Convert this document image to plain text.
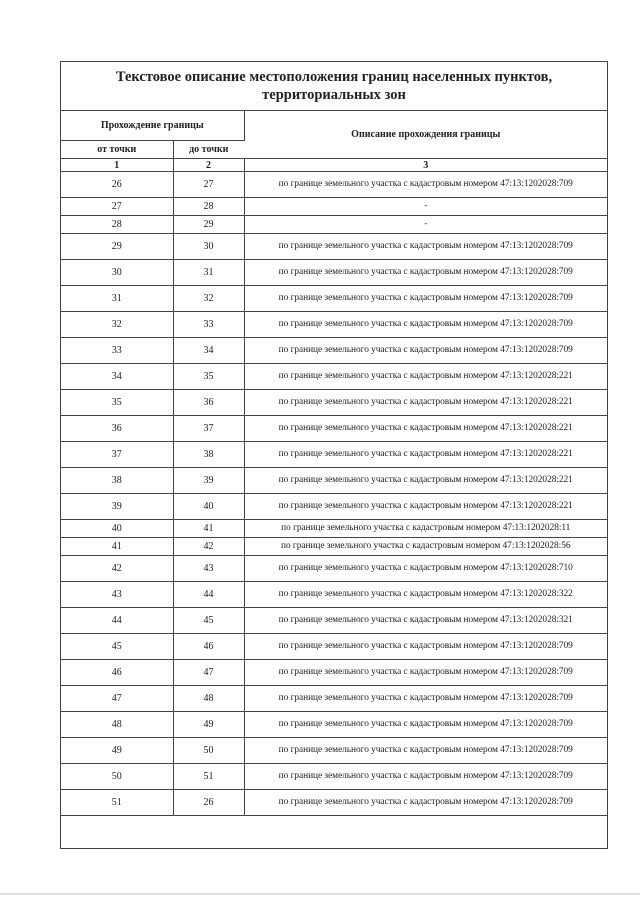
Текстовое описание местоположения границ населенных пунктов, территориальных зон
Прохождение границы		Описание прохождения границы
от точки	до точки	
1	2	3
26	27	по границе земельного участка с кадастровым номером 47:13:1202028:709
27	28	-
28	29	-
29	30	по границе земельного участка с кадастровым номером 47:13:1202028:709
30	31	по границе земельного участка с кадастровым номером 47:13:1202028:709
31	32	по границе земельного участка с кадастровым номером 47:13:1202028:709
32	33	по границе земельного участка с кадастровым номером 47:13:1202028:709
33	34	по границе земельного участка с кадастровым номером 47:13:1202028:709
34	35	по границе земельного участка с кадастровым номером 47:13:1202028:221
35	36	по границе земельного участка с кадастровым номером 47:13:1202028:221
36	37	по границе земельного участка с кадастровым номером 47:13:1202028:221
37	38	по границе земельного участка с кадастровым номером 47:13:1202028:221
38	39	по границе земельного участка с кадастровым номером 47:13:1202028:221
39	40	по границе земельного участка с кадастровым номером 47:13:1202028:221
40	41	по границе земельного участка с кадастровым номером 47:13:1202028:11
41	42	по границе земельного участка с кадастровым номером 47:13:1202028:56
42	43	по границе земельного участка с кадастровым номером 47:13:1202028:710
43	44	по границе земельного участка с кадастровым номером 47:13:1202028:322
44	45	по границе земельного участка с кадастровым номером 47:13:1202028:321
45	46	по границе земельного участка с кадастровым номером 47:13:1202028:709
46	47	по границе земельного участка с кадастровым номером 47:13:1202028:709
47	48	по границе земельного участка с кадастровым номером 47:13:1202028:709
48	49	по границе земельного участка с кадастровым номером 47:13:1202028:709
49	50	по границе земельного участка с кадастровым номером 47:13:1202028:709
50	51	по границе земельного участка с кадастровым номером 47:13:1202028:709
51	26	по границе земельного участка с кадастровым номером 47:13:1202028:709
